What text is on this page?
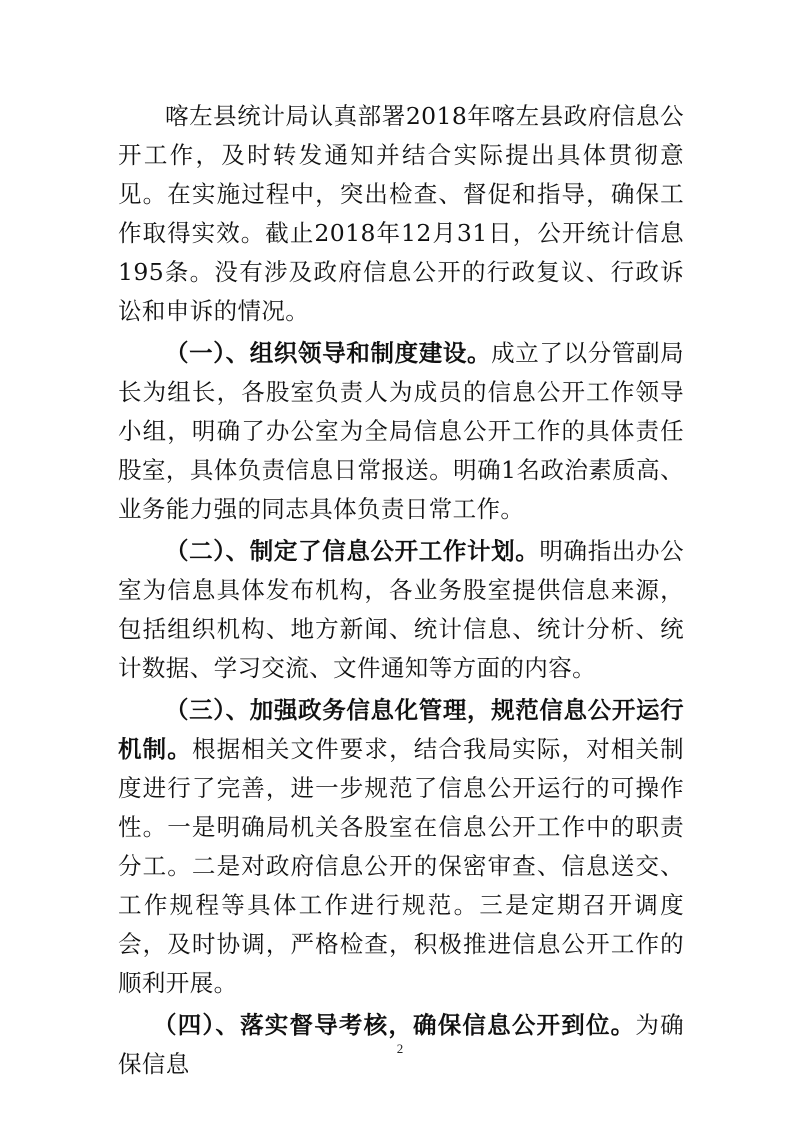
喀左县统计局认真部署2018年喀左县政府信息公开工作，及时转发通知并结合实际提出具体贯彻意见。在实施过程中，突出检查、督促和指导，确保工作取得实效。截止2018年12月31日，公开统计信息195条。没有涉及政府信息公开的行政复议、行政诉讼和申诉的情况。

（一）、组织领导和制度建设。成立了以分管副局长为组长，各股室负责人为成员的信息公开工作领导小组，明确了办公室为全局信息公开工作的具体责任股室，具体负责信息日常报送。明确1名政治素质高、业务能力强的同志具体负责日常工作。

（二）、制定了信息公开工作计划。明确指出办公室为信息具体发布机构，各业务股室提供信息来源，包括组织机构、地方新闻、统计信息、统计分析、统计数据、学习交流、文件通知等方面的内容。

（三）、加强政务信息化管理，规范信息公开运行机制。根据相关文件要求，结合我局实际，对相关制度进行了完善，进一步规范了信息公开运行的可操作性。一是明确局机关各股室在信息公开工作中的职责分工。二是对政府信息公开的保密审查、信息送交、工作规程等具体工作进行规范。三是定期召开调度会，及时协调，严格检查，积极推进信息公开工作的顺利开展。

（四）、落实督导考核，确保信息公开到位。为确保信息

2
